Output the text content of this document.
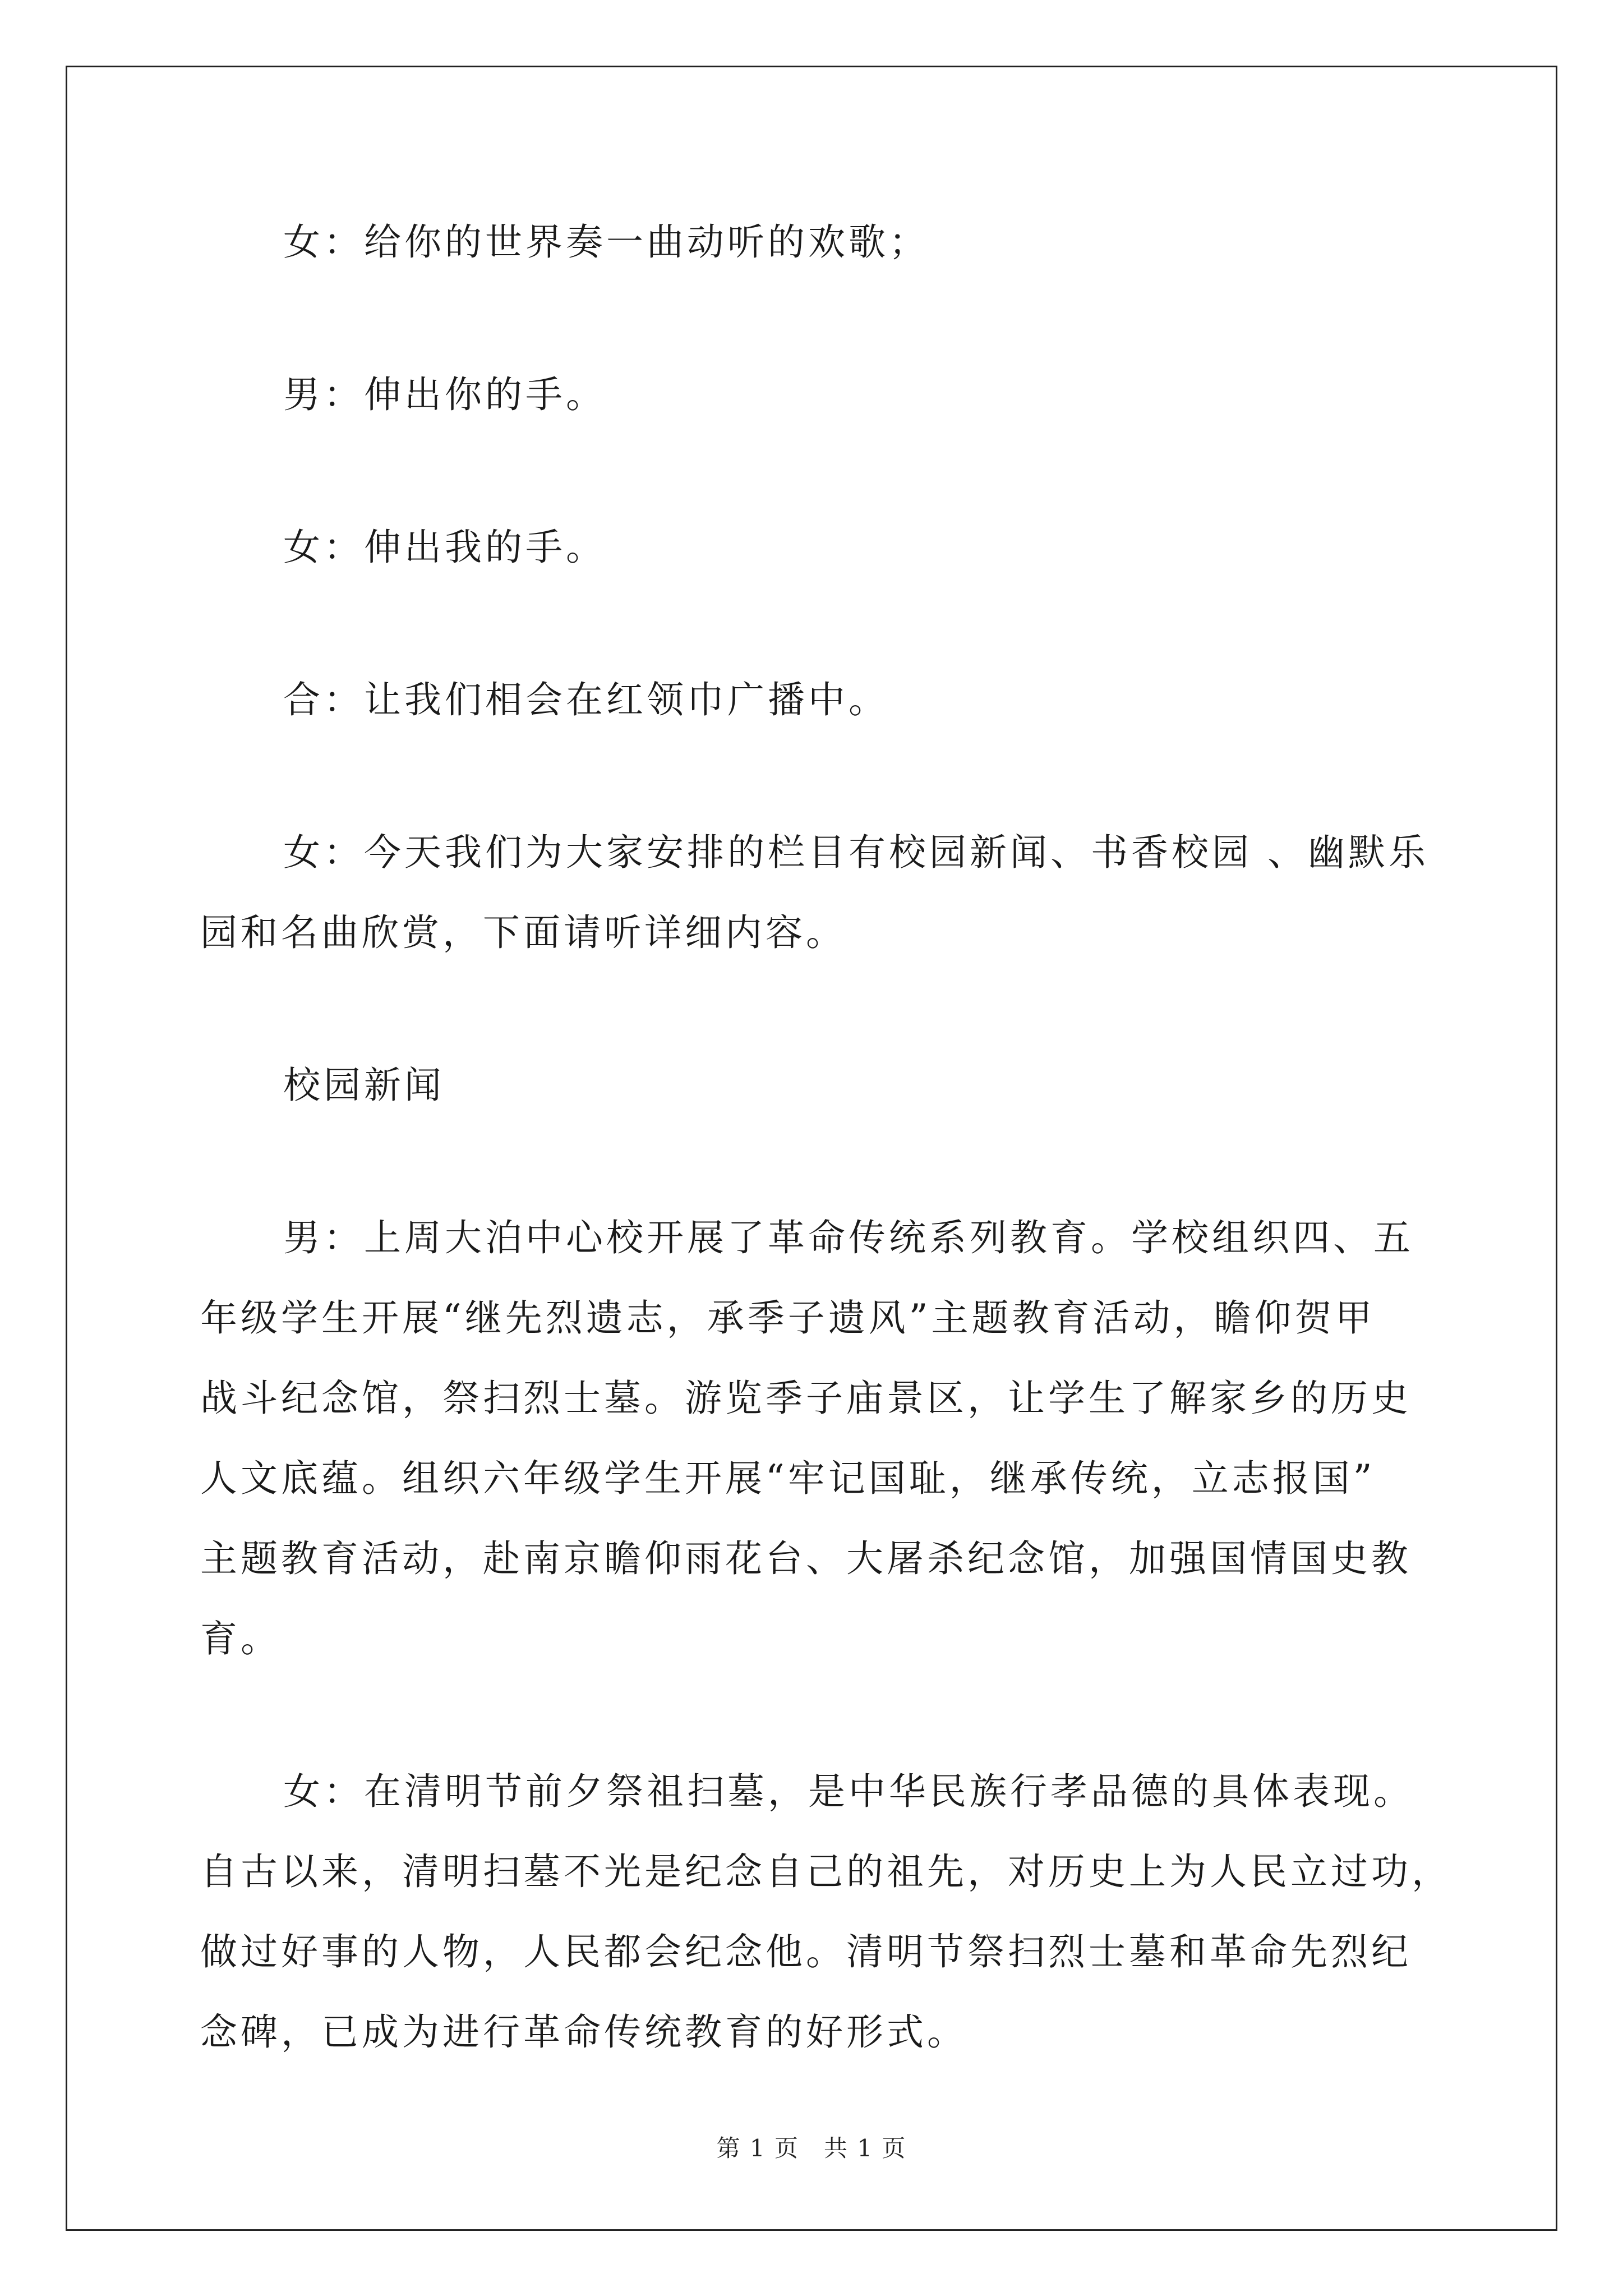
女：给你的世界奏一曲动听的欢歌；

男：伸出你的手。

女：伸出我的手。

合：让我们相会在红领巾广播中。

女：今天我们为大家安排的栏目有校园新闻、书香校园 、幽默乐
园和名曲欣赏，下面请听详细内容。

校园新闻

男：上周大泊中心校开展了革命传统系列教育。学校组织四、五
年级学生开展“继先烈遗志，承季子遗风”主题教育活动，瞻仰贺甲
战斗纪念馆，祭扫烈士墓。游览季子庙景区，让学生了解家乡的历史
人文底蕴。组织六年级学生开展“牢记国耻，继承传统，立志报国”
主题教育活动，赴南京瞻仰雨花台、大屠杀纪念馆，加强国情国史教
育。

女：在清明节前夕祭祖扫墓，是中华民族行孝品德的具体表现。
自古以来，清明扫墓不光是纪念自己的祖先，对历史上为人民立过功，
做过好事的人物，人民都会纪念他。清明节祭扫烈士墓和革命先烈纪
念碑，已成为进行革命传统教育的好形式。

第 1 页　共 1 页
